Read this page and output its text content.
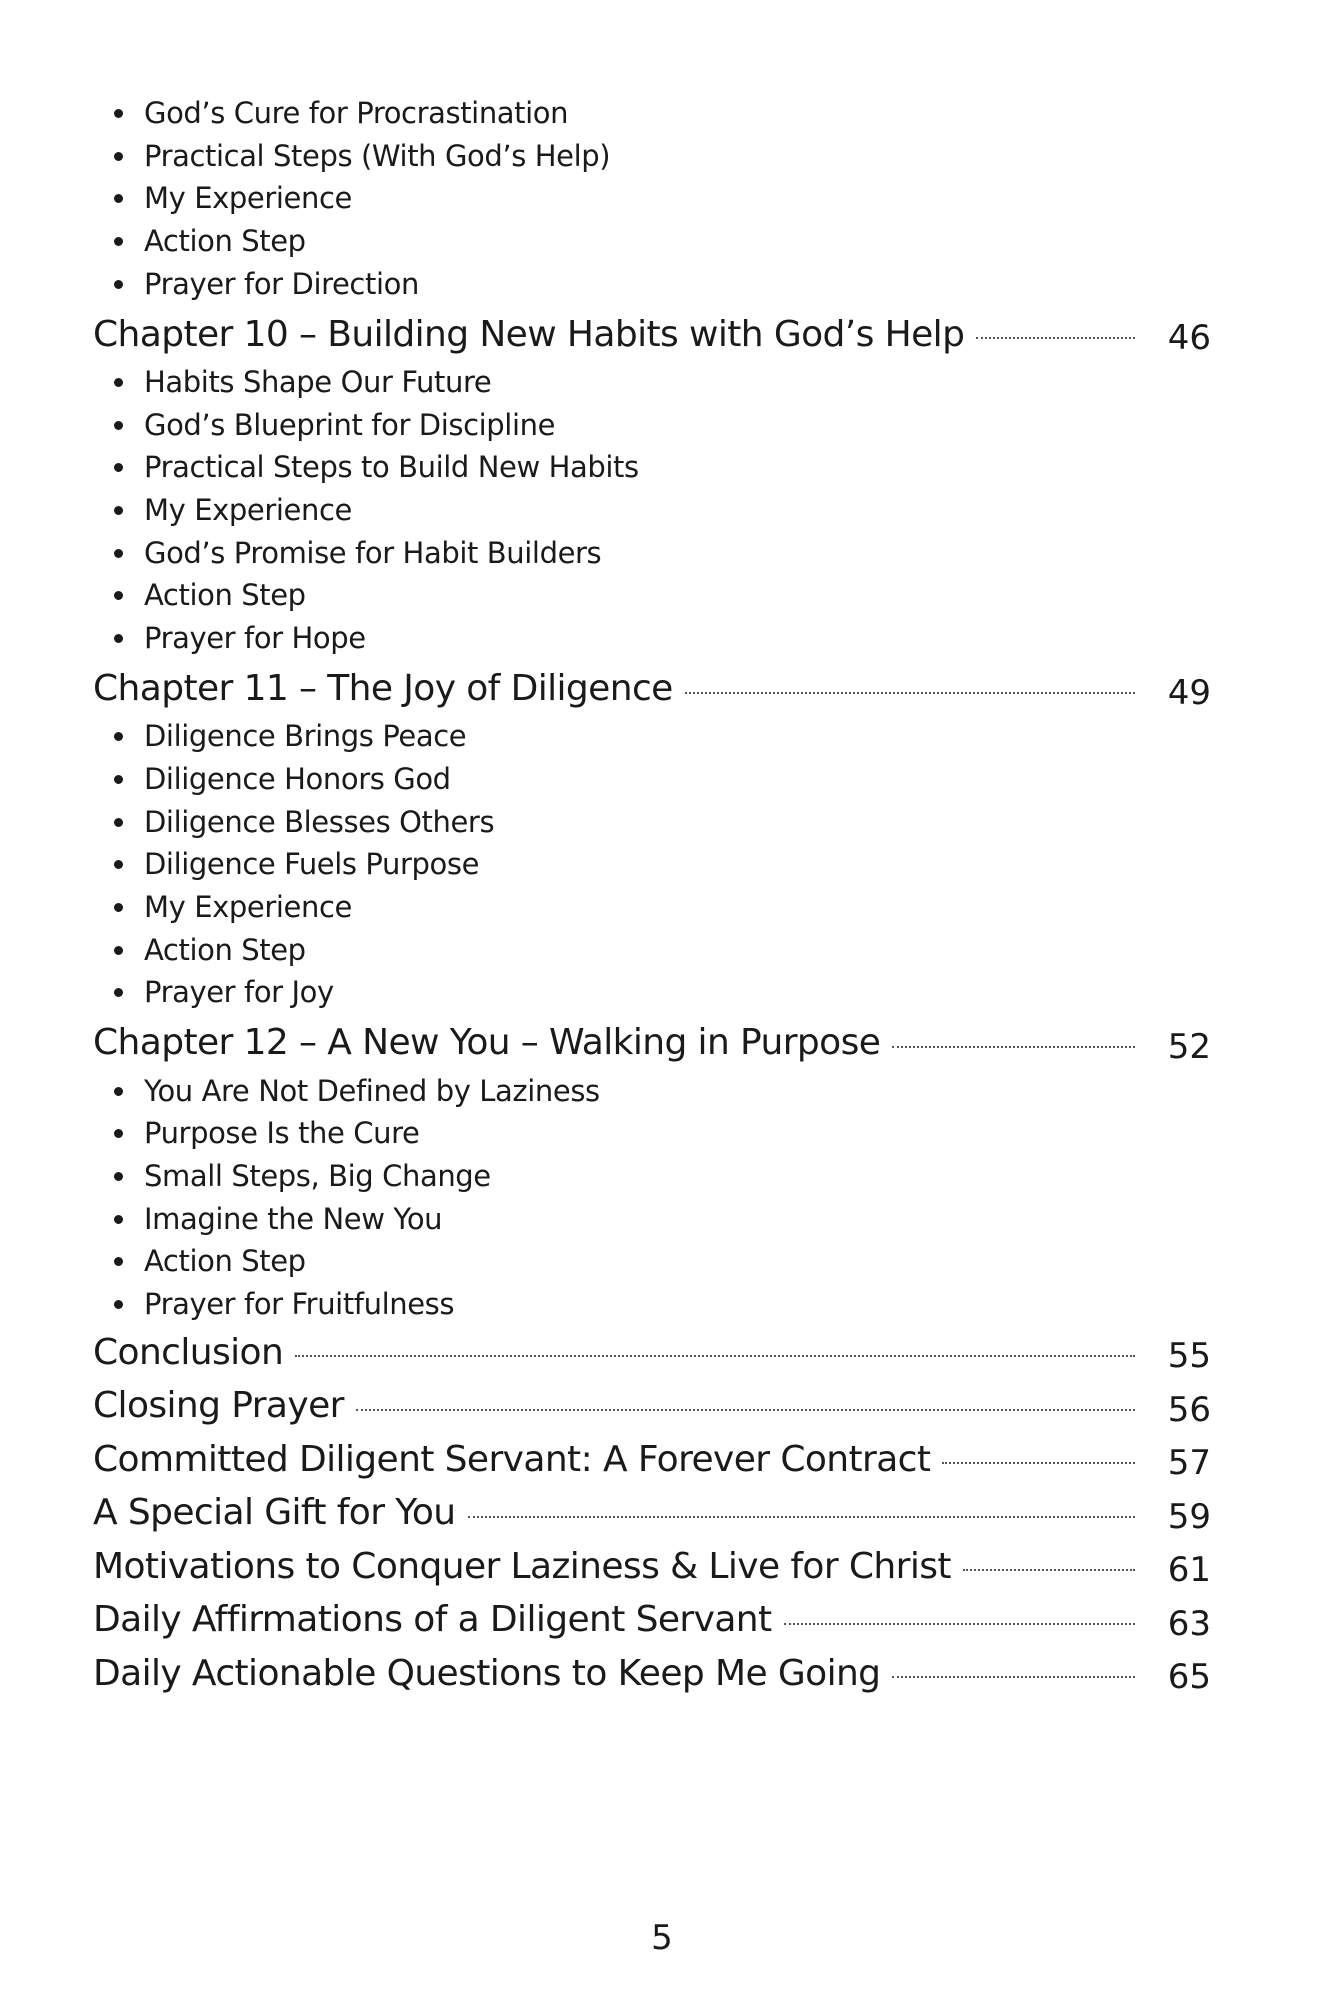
God’s Cure for Procrastination
Practical Steps (With God’s Help)
My Experience
Action Step
Prayer for Direction
Chapter 10 – Building New Habits with God’s Help	46
Habits Shape Our Future
God’s Blueprint for Discipline
Practical Steps to Build New Habits
My Experience
God’s Promise for Habit Builders
Action Step
Prayer for Hope
Chapter 11 – The Joy of Diligence	49
Diligence Brings Peace
Diligence Honors God
Diligence Blesses Others
Diligence Fuels Purpose
My Experience
Action Step
Prayer for Joy
Chapter 12 – A New You – Walking in Purpose	52
You Are Not Defined by Laziness
Purpose Is the Cure
Small Steps, Big Change
Imagine the New You
Action Step
Prayer for Fruitfulness
Conclusion	55
Closing Prayer	56
Committed Diligent Servant: A Forever Contract	57
A Special Gift for You	59
Motivations to Conquer Laziness & Live for Christ	61
Daily Affirmations of a Diligent Servant	63
Daily Actionable Questions to Keep Me Going	65
5
